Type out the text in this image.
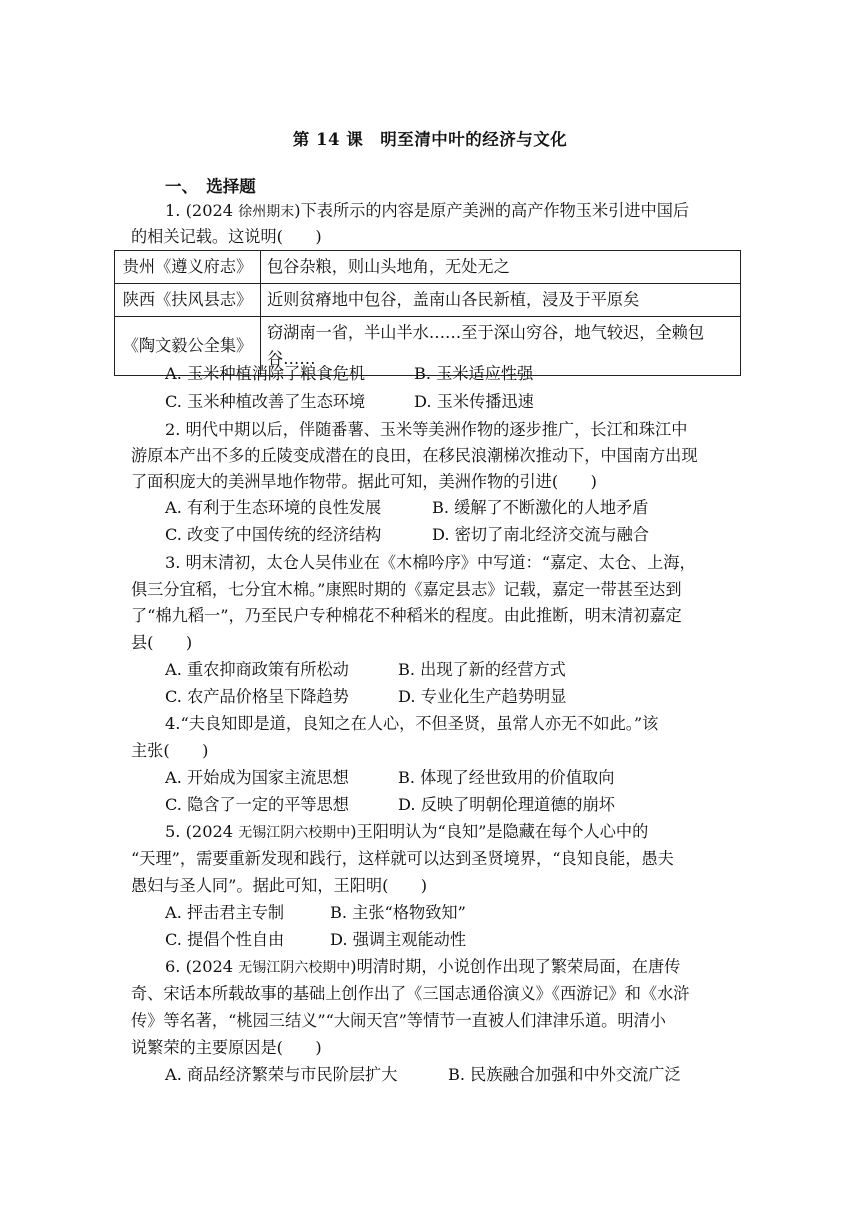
第 14 课　明至清中叶的经济与文化
一、　选择题
1. (2024 徐州期末)下表所示的内容是原产美洲的高产作物玉米引进中国后
的相关记载。这说明(　　)
贵州《遵义府志》	包谷杂粮，则山头地角，无处无之
陕西《扶风县志》	近则贫瘠地中包谷，盖南山各民新植，浸及于平原矣
《陶文毅公全集》	窃湖南一省，半山半水……至于深山穷谷，地气较迟，全赖包谷……
A. 玉米种植消除了粮食危机	B. 玉米适应性强
C. 玉米种植改善了生态环境	D. 玉米传播迅速
2. 明代中期以后，伴随番薯、玉米等美洲作物的逐步推广，长江和珠江中
游原本产出不多的丘陵变成潜在的良田，在移民浪潮梯次推动下，中国南方出现
了面积庞大的美洲旱地作物带。据此可知，美洲作物的引进(　　)
A. 有利于生态环境的良性发展	B. 缓解了不断激化的人地矛盾
C. 改变了中国传统的经济结构	D. 密切了南北经济交流与融合
3. 明末清初，太仓人吴伟业在《木棉吟序》中写道：“嘉定、太仓、上海，
俱三分宜稻，七分宜木棉。”康熙时期的《嘉定县志》记载，嘉定一带甚至达到
了“棉九稻一”，乃至民户专种棉花不种稻米的程度。由此推断，明末清初嘉定
县(　　)
A. 重农抑商政策有所松动	B. 出现了新的经营方式
C. 农产品价格呈下降趋势	D. 专业化生产趋势明显
4.“夫良知即是道，良知之在人心，不但圣贤，虽常人亦无不如此。”该
主张(　　)
A. 开始成为国家主流思想	B. 体现了经世致用的价值取向
C. 隐含了一定的平等思想	D. 反映了明朝伦理道德的崩坏
5. (2024 无锡江阴六校期中)王阳明认为“良知”是隐藏在每个人心中的
“天理”，需要重新发现和践行，这样就可以达到圣贤境界，“良知良能，愚夫
愚妇与圣人同”。据此可知，王阳明(　　)
A. 抨击君主专制	B. 主张“格物致知”
C. 提倡个性自由	D. 强调主观能动性
6. (2024 无锡江阴六校期中)明清时期，小说创作出现了繁荣局面，在唐传
奇、宋话本所载故事的基础上创作出了《三国志通俗演义》《西游记》和《水浒
传》等名著，“桃园三结义”“大闹天宫”等情节一直被人们津津乐道。明清小
说繁荣的主要原因是(　　)
A. 商品经济繁荣与市民阶层扩大	B. 民族融合加强和中外交流广泛
